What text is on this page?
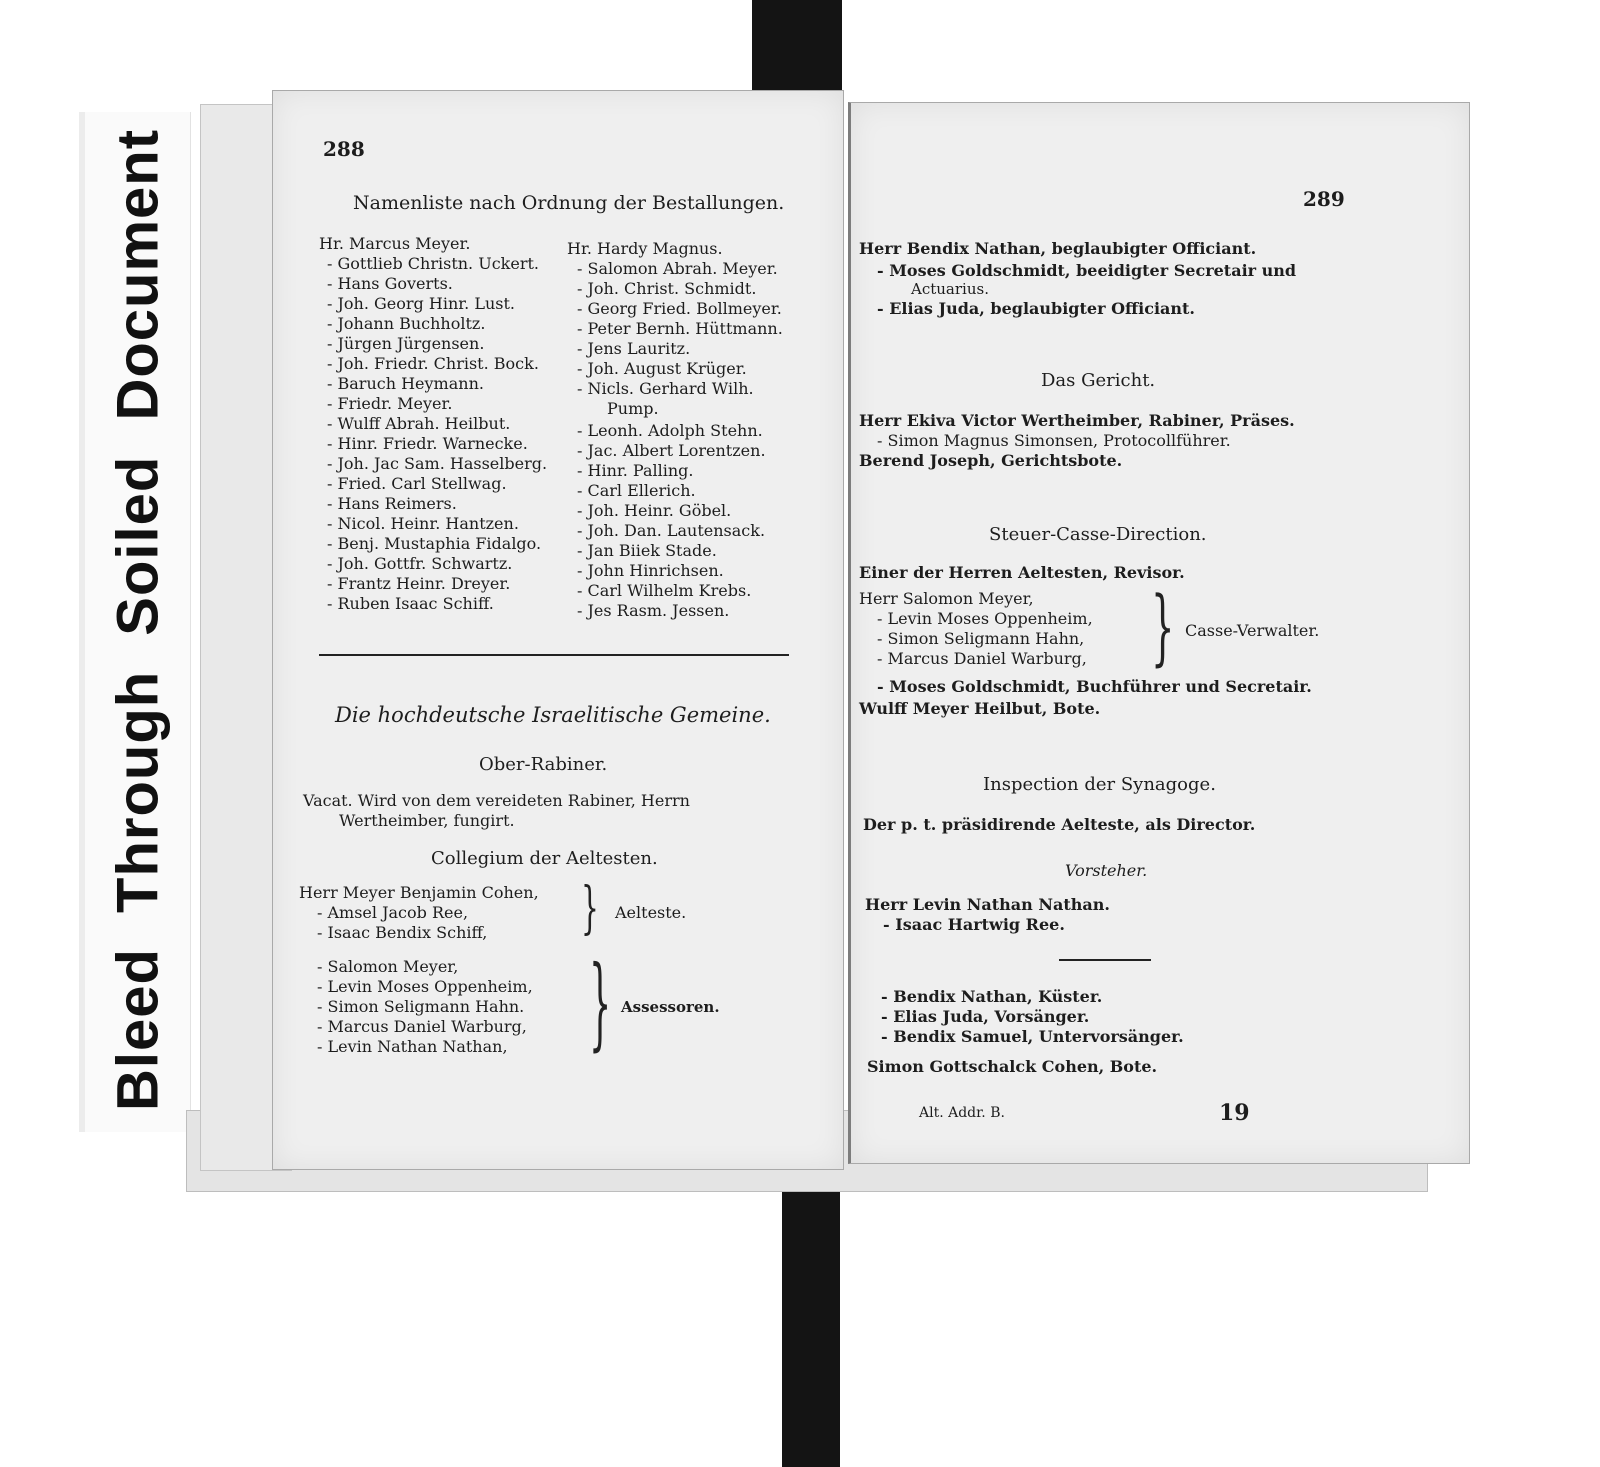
Bleed Through Soiled Document	288
Namenliste nach Ordnung der Bestallungen.
Hr. Marcus Meyer.
- Gottlieb Christn. Uckert.
- Hans Goverts.
- Joh. Georg Hinr. Lust.
- Johann Buchholtz.
- Jürgen Jürgensen.
- Joh. Friedr. Christ. Bock.
- Baruch Heymann.
- Friedr. Meyer.
- Wulff Abrah. Heilbut.
- Hinr. Friedr. Warnecke.
- Joh. Jac Sam. Hasselberg.
- Fried. Carl Stellwag.
- Hans Reimers.
- Nicol. Heinr. Hantzen.
- Benj. Mustaphia Fidalgo.
- Joh. Gottfr. Schwartz.
- Frantz Heinr. Dreyer.
- Ruben Isaac Schiff.
Hr. Hardy Magnus.
- Salomon Abrah. Meyer.
- Joh. Christ. Schmidt.
- Georg Fried. Bollmeyer.
- Peter Bernh. Hüttmann.
- Jens Lauritz.
- Joh. August Krüger.
- Nicls. Gerhard Wilh.
Pump.
- Leonh. Adolph Stehn.
- Jac. Albert Lorentzen.
- Hinr. Palling.
- Carl Ellerich.
- Joh. Heinr. Göbel.
- Joh. Dan. Lautensack.
- Jan Biiek Stade.
- John Hinrichsen.
- Carl Wilhelm Krebs.
- Jes Rasm. Jessen.
Die hochdeutsche Israelitische Gemeine.
Ober-Rabiner.
Vacat. Wird von dem vereideten Rabiner, Herrn
Wertheimber, fungirt.
Collegium der Aeltesten.
Herr Meyer Benjamin Cohen,
- Amsel Jacob Ree,
- Isaac Bendix Schiff, } Aelteste.
- Salomon Meyer,
- Levin Moses Oppenheim,
- Simon Seligmann Hahn.
- Marcus Daniel Warburg,
- Levin Nathan Nathan, } Assessoren.
289
Herr Bendix Nathan, beglaubigter Officiant.
- Moses Goldschmidt, beeidigter Secretair und
Actuarius.
- Elias Juda, beglaubigter Officiant.
Das Gericht.
Herr Ekiva Victor Wertheimber, Rabiner, Präses.
- Simon Magnus Simonsen, Protocollführer.
Berend Joseph, Gerichtsbote.
Steuer-Casse-Direction.
Einer der Herren Aeltesten, Revisor.
Herr Salomon Meyer,
- Levin Moses Oppenheim,
- Simon Seligmann Hahn,
- Marcus Daniel Warburg, } Casse-Verwalter.
- Moses Goldschmidt, Buchführer und Secretair.
Wulff Meyer Heilbut, Bote.
Inspection der Synagoge.
Der p. t. präsidirende Aelteste, als Director.
Vorsteher.
Herr Levin Nathan Nathan.
- Isaac Hartwig Ree.
- Bendix Nathan, Küster.
- Elias Juda, Vorsänger.
- Bendix Samuel, Untervorsänger.
Simon Gottschalck Cohen, Bote.
Alt. Addr. B.	19
